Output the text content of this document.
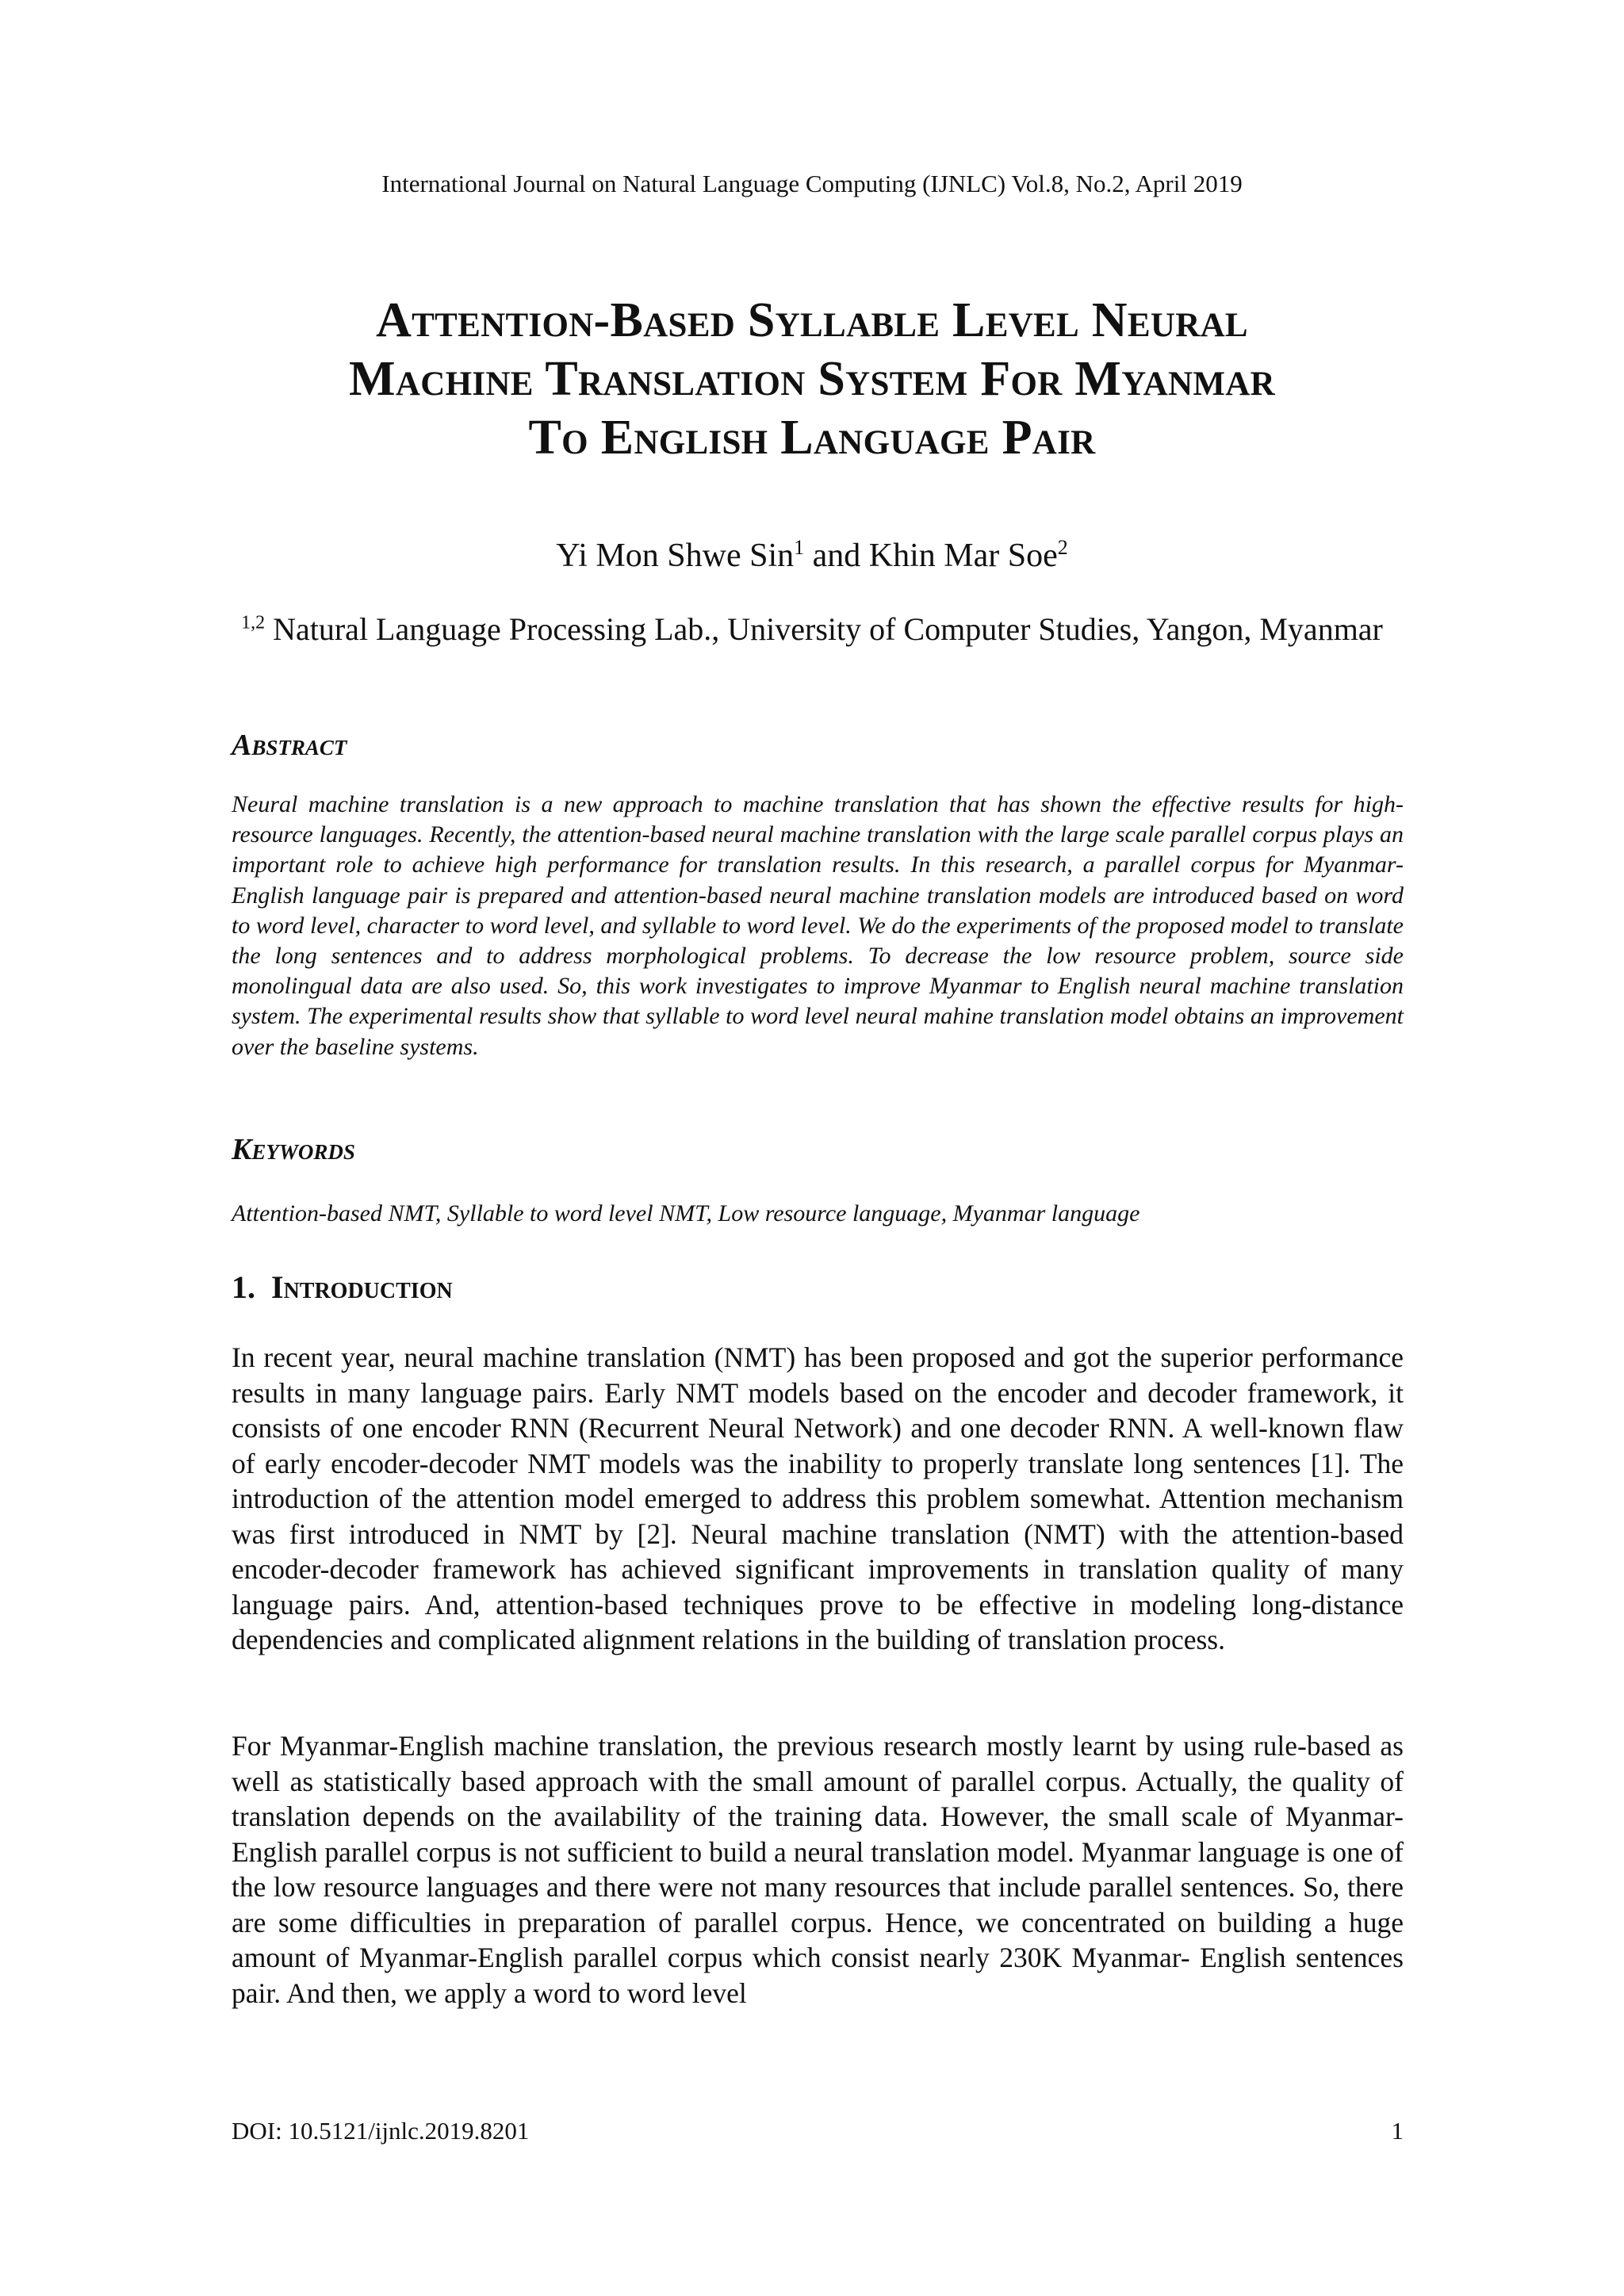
International Journal on Natural Language Computing (IJNLC) Vol.8, No.2, April 2019
Attention-Based Syllable Level Neural
Machine Translation System For Myanmar
To English Language Pair
Yi Mon Shwe Sin$^1$ and Khin Mar Soe$^2$
$^{1,2}$ Natural Language Processing Lab., University of Computer Studies, Yangon, Myanmar
Abstract

Neural machine translation is a new approach to machine translation that has shown the effective results for high-resource languages. Recently, the attention-based neural machine translation with the large scale parallel corpus plays an important role to achieve high performance for translation results. In this research, a parallel corpus for Myanmar-English language pair is prepared and attention-based neural machine translation models are introduced based on word to word level, character to word level, and syllable to word level. We do the experiments of the proposed model to translate the long sentences and to address morphological problems. To decrease the low resource problem, source side monolingual data are also used. So, this work investigates to improve Myanmar to English neural machine translation system. The experimental results show that syllable to word level neural mahine translation model obtains an improvement over the baseline systems.

Keywords

Attention-based NMT, Syllable to word level NMT, Low resource language, Myanmar language

1. Introduction

In recent year, neural machine translation (NMT) has been proposed and got the superior performance results in many language pairs. Early NMT models based on the encoder and decoder framework, it consists of one encoder RNN (Recurrent Neural Network) and one decoder RNN. A well-known flaw of early encoder-decoder NMT models was the inability to properly translate long sentences [1]. The introduction of the attention model emerged to address this problem somewhat. Attention mechanism was first introduced in NMT by [2]. Neural machine translation (NMT) with the attention-based encoder-decoder framework has achieved significant improvements in translation quality of many language pairs. And, attention-based techniques prove to be effective in modeling long-distance dependencies and complicated alignment relations in the building of translation process.

For Myanmar-English machine translation, the previous research mostly learnt by using rule-based as well as statistically based approach with the small amount of parallel corpus. Actually, the quality of translation depends on the availability of the training data. However, the small scale of Myanmar-English parallel corpus is not sufficient to build a neural translation model. Myanmar language is one of the low resource languages and there were not many resources that include parallel sentences. So, there are some difficulties in preparation of parallel corpus. Hence, we concentrated on building a huge amount of Myanmar-English parallel corpus which consist nearly 230K Myanmar- English sentences pair. And then, we apply a word to word level

DOI: 10.5121/ijnlc.2019.8201	1
